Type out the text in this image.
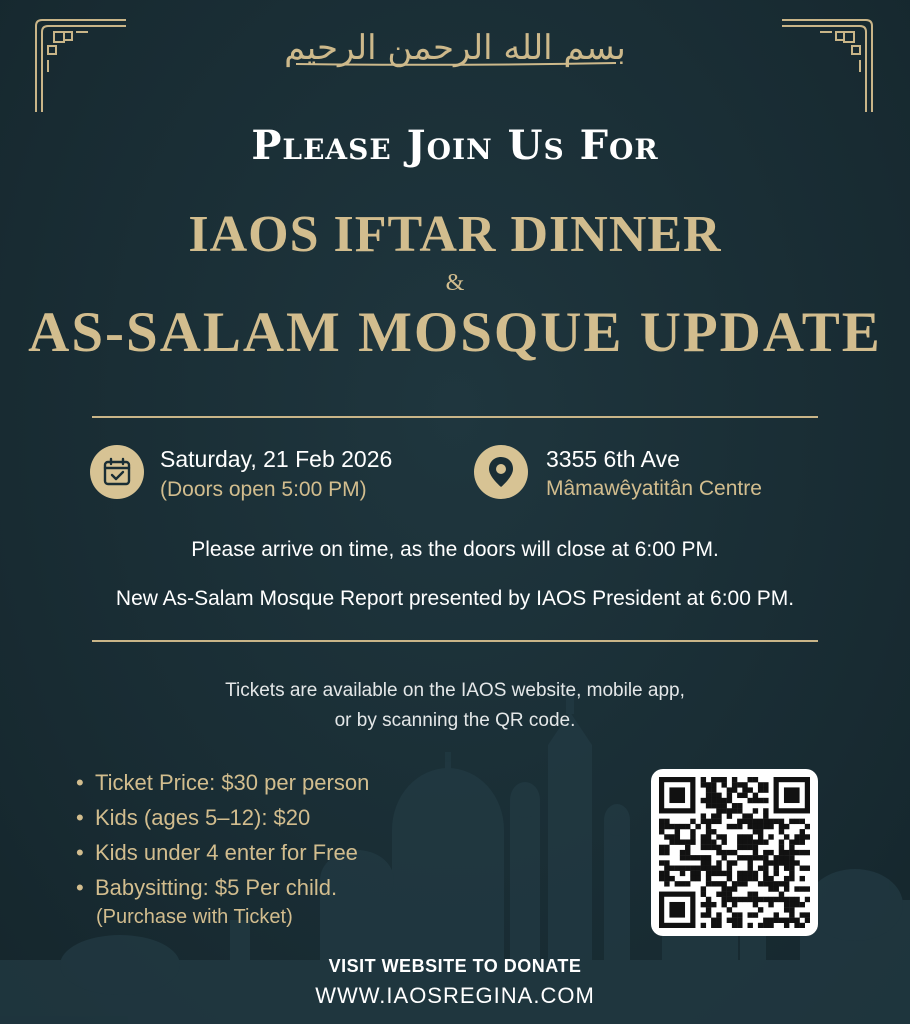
بسم الله الرحمن الرحيم
Please Join Us For
IAOS IFTAR DINNER
&
AS-SALAM MOSQUE UPDATE
Saturday, 21 Feb 2026
(Doors open 5:00 PM)
3355 6th Ave
Mâmawêyatitân Centre
Please arrive on time, as the doors will close at 6:00 PM.
New As-Salam Mosque Report presented by IAOS President at 6:00 PM.
Tickets are available on the IAOS website, mobile app,
or by scanning the QR code.
• Ticket Price: $30 per person
• Kids (ages 5–12): $20
• Kids under 4 enter for Free
• Babysitting: $5 Per child.
(Purchase with Ticket)
VISIT WEBSITE TO DONATE
WWW.IAOSREGINA.COM
